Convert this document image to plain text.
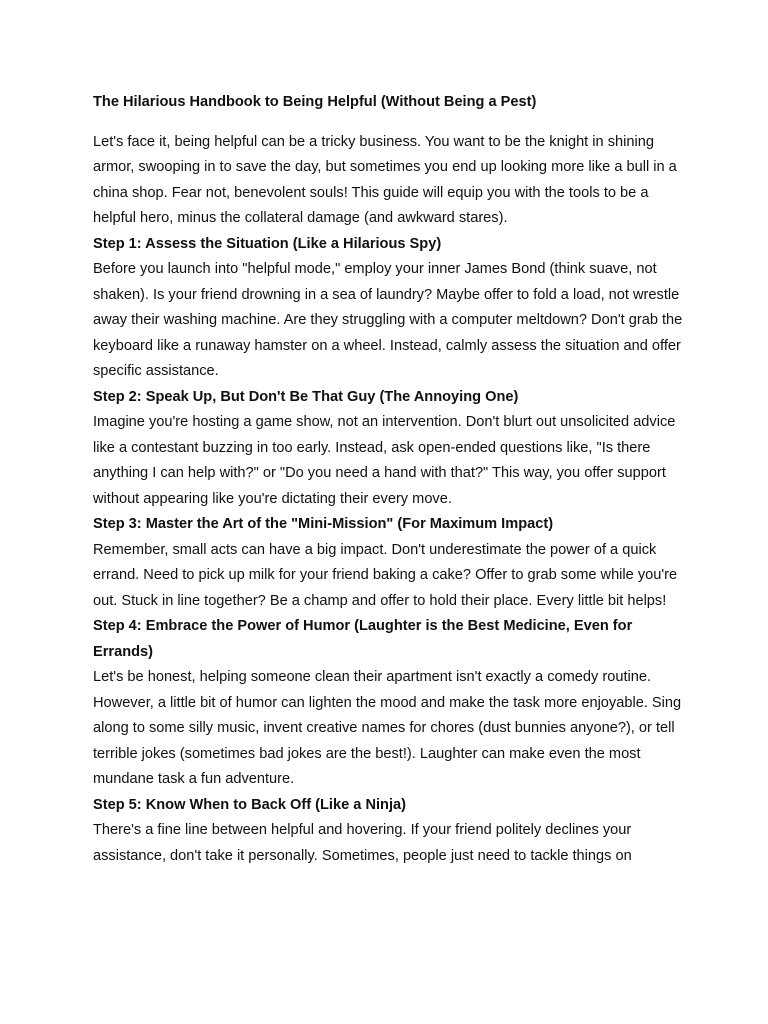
The Hilarious Handbook to Being Helpful (Without Being a Pest)

Let's face it, being helpful can be a tricky business. You want to be the knight in shining armor, swooping in to save the day, but sometimes you end up looking more like a bull in a china shop. Fear not, benevolent souls! This guide will equip you with the tools to be a helpful hero, minus the collateral damage (and awkward stares).

Step 1: Assess the Situation (Like a Hilarious Spy)

Before you launch into "helpful mode," employ your inner James Bond (think suave, not shaken). Is your friend drowning in a sea of laundry? Maybe offer to fold a load, not wrestle away their washing machine. Are they struggling with a computer meltdown? Don't grab the keyboard like a runaway hamster on a wheel. Instead, calmly assess the situation and offer specific assistance.

Step 2: Speak Up, But Don't Be That Guy (The Annoying One)

Imagine you're hosting a game show, not an intervention. Don't blurt out unsolicited advice like a contestant buzzing in too early. Instead, ask open-ended questions like, "Is there anything I can help with?" or "Do you need a hand with that?" This way, you offer support without appearing like you're dictating their every move.

Step 3: Master the Art of the "Mini-Mission" (For Maximum Impact)

Remember, small acts can have a big impact. Don't underestimate the power of a quick errand. Need to pick up milk for your friend baking a cake? Offer to grab some while you're out. Stuck in line together? Be a champ and offer to hold their place. Every little bit helps!

Step 4: Embrace the Power of Humor (Laughter is the Best Medicine, Even for Errands)

Let's be honest, helping someone clean their apartment isn't exactly a comedy routine. However, a little bit of humor can lighten the mood and make the task more enjoyable. Sing along to some silly music, invent creative names for chores (dust bunnies anyone?), or tell terrible jokes (sometimes bad jokes are the best!). Laughter can make even the most mundane task a fun adventure.

Step 5: Know When to Back Off (Like a Ninja)

There's a fine line between helpful and hovering. If your friend politely declines your assistance, don't take it personally. Sometimes, people just need to tackle things on
